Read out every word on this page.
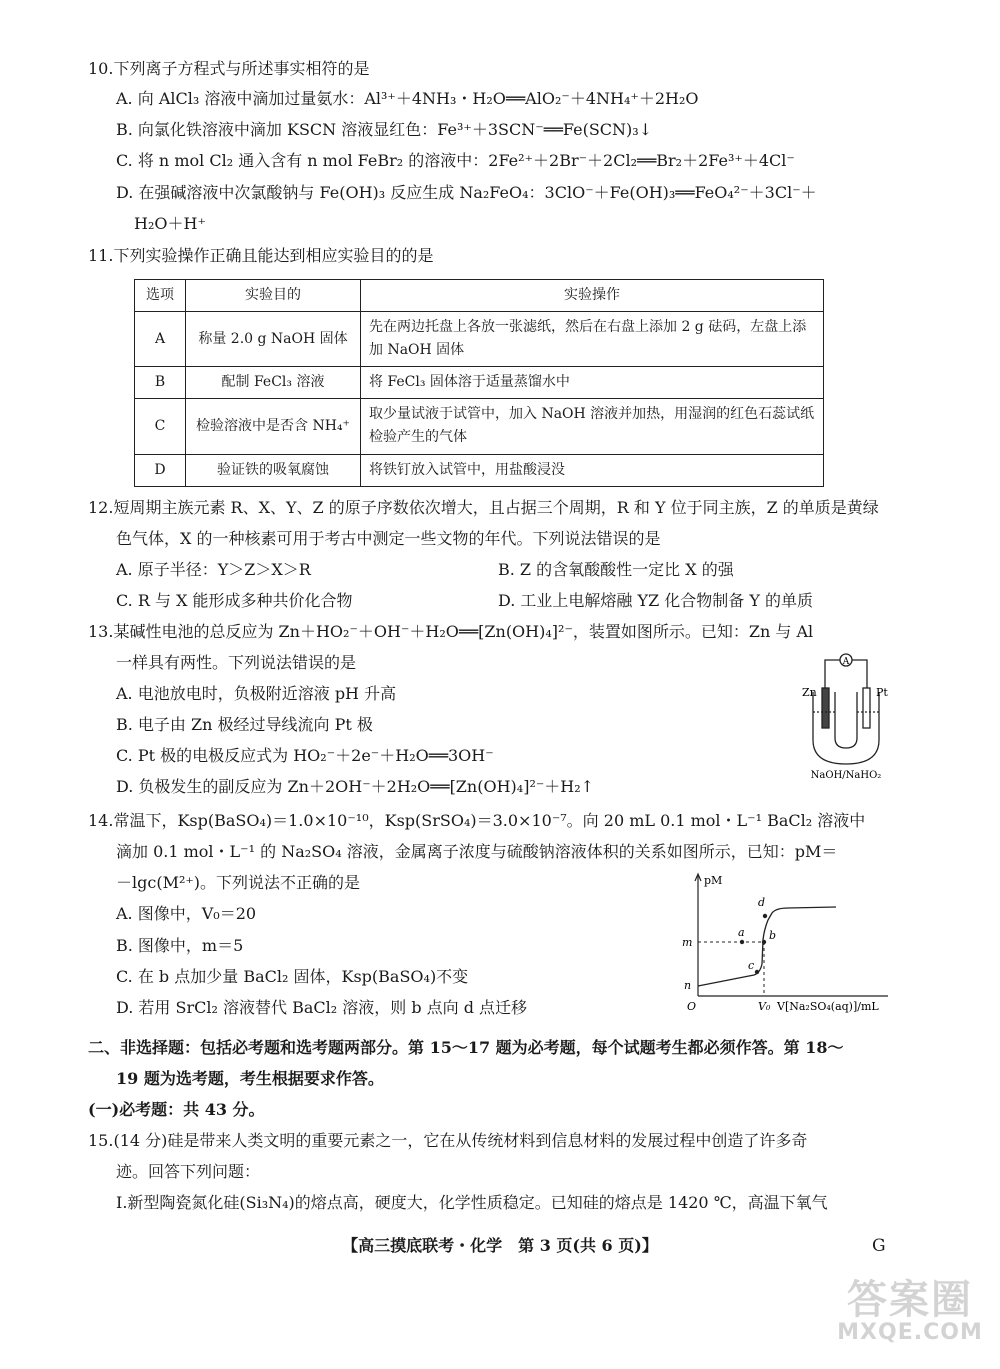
10.下列离子方程式与所述事实相符的是
A. 向 AlCl₃ 溶液中滴加过量氨水：Al³⁺＋4NH₃・H₂O══AlO₂⁻＋4NH₄⁺＋2H₂O
B. 向氯化铁溶液中滴加 KSCN 溶液显红色：Fe³⁺＋3SCN⁻══Fe(SCN)₃↓
C. 将 n mol Cl₂ 通入含有 n mol FeBr₂ 的溶液中：2Fe²⁺＋2Br⁻＋2Cl₂══Br₂＋2Fe³⁺＋4Cl⁻
D. 在强碱溶液中次氯酸钠与 Fe(OH)₃ 反应生成 Na₂FeO₄：3ClO⁻＋Fe(OH)₃══FeO₄²⁻＋3Cl⁻＋
H₂O＋H⁺
11.下列实验操作正确且能达到相应实验目的的是
选项	实验目的	实验操作
A	称量 2.0 g NaOH 固体	先在两边托盘上各放一张滤纸，然后在右盘上添加 2 g 砝码，左盘上添加 NaOH 固体
B	配制 FeCl₃ 溶液	将 FeCl₃ 固体溶于适量蒸馏水中
C	检验溶液中是否含 NH₄⁺	取少量试液于试管中，加入 NaOH 溶液并加热，用湿润的红色石蕊试纸检验产生的气体
D	验证铁的吸氧腐蚀	将铁钉放入试管中，用盐酸浸没
12.短周期主族元素 R、X、Y、Z 的原子序数依次增大，且占据三个周期，R 和 Y 位于同主族，Z 的单质是黄绿
色气体，X 的一种核素可用于考古中测定一些文物的年代。下列说法错误的是
A. 原子半径：Y＞Z＞X＞R	B. Z 的含氧酸酸性一定比 X 的强
C. R 与 X 能形成多种共价化合物	D. 工业上电解熔融 YZ 化合物制备 Y 的单质
13.某碱性电池的总反应为 Zn＋HO₂⁻＋OH⁻＋H₂O══[Zn(OH)₄]²⁻，装置如图所示。已知：Zn 与 Al
一样具有两性。下列说法错误的是
A. 电池放电时，负极附近溶液 pH 升高
B. 电子由 Zn 极经过导线流向 Pt 极
C. Pt 极的电极反应式为 HO₂⁻＋2e⁻＋H₂O══3OH⁻
D. 负极发生的副反应为 Zn＋2OH⁻＋2H₂O══[Zn(OH)₄]²⁻＋H₂↑
A
Zn	Pt
NaOH/NaHO₂
14.常温下，Ksp(BaSO₄)＝1.0×10⁻¹⁰，Ksp(SrSO₄)＝3.0×10⁻⁷。向 20 mL 0.1 mol・L⁻¹ BaCl₂ 溶液中
滴加 0.1 mol・L⁻¹ 的 Na₂SO₄ 溶液，金属离子浓度与硫酸钠溶液体积的关系如图所示，已知：pM＝
－lgc(M²⁺)。下列说法不正确的是
A. 图像中，V₀＝20
B. 图像中，m＝5
C. 在 b 点加少量 BaCl₂ 固体，Ksp(BaSO₄)不变
D. 若用 SrCl₂ 溶液替代 BaCl₂ 溶液，则 b 点向 d 点迁移
pM
a b
c
d
m
n
O	V₀ V[Na₂SO₄(aq)]/mL
二、非选择题：包括必考题和选考题两部分。第 15～17 题为必考题，每个试题考生都必须作答。第 18～
19 题为选考题，考生根据要求作答。
(一)必考题：共 43 分。
15.(14 分)硅是带来人类文明的重要元素之一，它在从传统材料到信息材料的发展过程中创造了许多奇
迹。回答下列问题：
Ⅰ.新型陶瓷氮化硅(Si₃N₄)的熔点高，硬度大，化学性质稳定。已知硅的熔点是 1420 ℃，高温下氧气
【高三摸底联考・化学　第 3 页(共 6 页)】	G
答案圈
MXQE.COM
